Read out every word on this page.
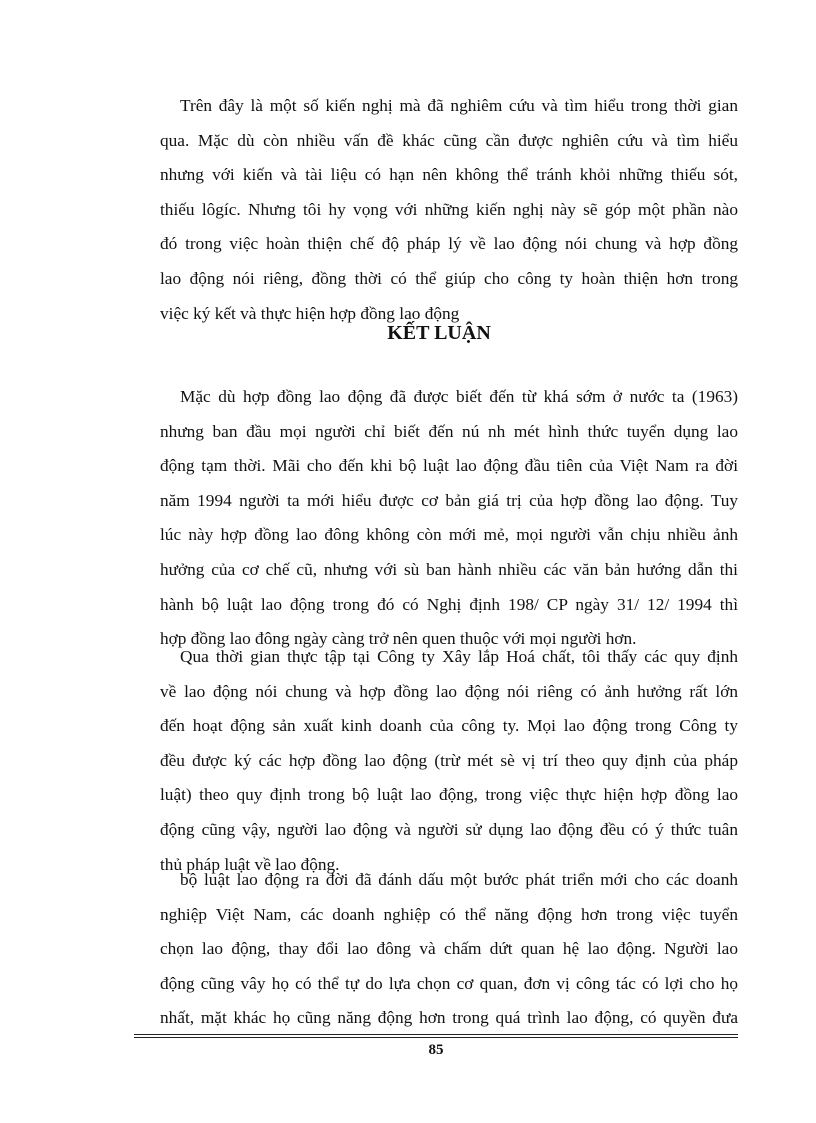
Trên đây là một số kiến nghị mà đã nghiêm cứu và tìm hiểu trong thời gian
qua. Mặc dù còn nhiều vấn đề khác cũng cần được nghiên cứu và tìm hiểu
nhưng với kiến và tài liệu có hạn nên không thể tránh khỏi những thiếu sót,
thiếu lôgíc. Nhưng tôi hy vọng với những kiến nghị này sẽ góp một phần nào
đó trong việc hoàn thiện chế độ pháp lý về lao động nói chung và hợp đồng
lao động nói riêng, đồng thời có thể giúp cho công ty hoàn thiện hơn trong
việc ký kết và thực hiện hợp đồng lao động
KẾT LUẬN
Mặc dù hợp đồng lao động đã được biết đến từ khá sớm ở nước ta (1963)
nhưng ban đầu mọi người chỉ biết đến nú nh mét hình thức tuyển dụng lao
động tạm thời. Mãi cho đến khi bộ luật lao động đầu tiên của Việt Nam ra đời
năm 1994 người ta mới hiểu được cơ bản giá trị của hợp đồng lao động. Tuy
lúc này hợp đồng lao đông không còn mới mẻ, mọi người vẫn chịu nhiều ảnh
hưởng của cơ chế cũ, nhưng với sù ban hành nhiều các văn bản hướng dẫn thi
hành bộ luật lao động trong đó có Nghị định 198/ CP ngày 31/ 12/ 1994 thì
hợp đồng lao đông ngày càng trở nên quen thuộc với mọi người hơn.
Qua thời gian thực tập tại Công ty Xây lắp Hoá chất, tôi thấy các quy định
về lao động nói chung và hợp đồng lao động nói riêng có ảnh hưởng rất lớn
đến hoạt động sản xuất kinh doanh của công ty. Mọi lao động trong Công ty
đều được ký các hợp đồng lao động (trừ mét sè vị trí theo quy định của pháp
luật) theo quy định trong bộ luật lao động, trong việc thực hiện hợp đồng lao
động cũng vậy, người lao động và người sử dụng lao động đều có ý thức tuân
thủ pháp luật về lao động.
bộ luật lao động ra đời đã đánh dấu một bước phát triển mới cho các doanh
nghiệp Việt Nam, các doanh nghiệp có thể năng động hơn trong việc tuyển
chọn lao động, thay đổi lao đông và chấm dứt quan hệ lao động. Người lao
động cũng vây họ có thể tự do lựa chọn cơ quan, đơn vị công tác có lợi cho họ
nhất, mặt khác họ cũng năng động hơn trong quá trình lao động, có quyền đưa
85
